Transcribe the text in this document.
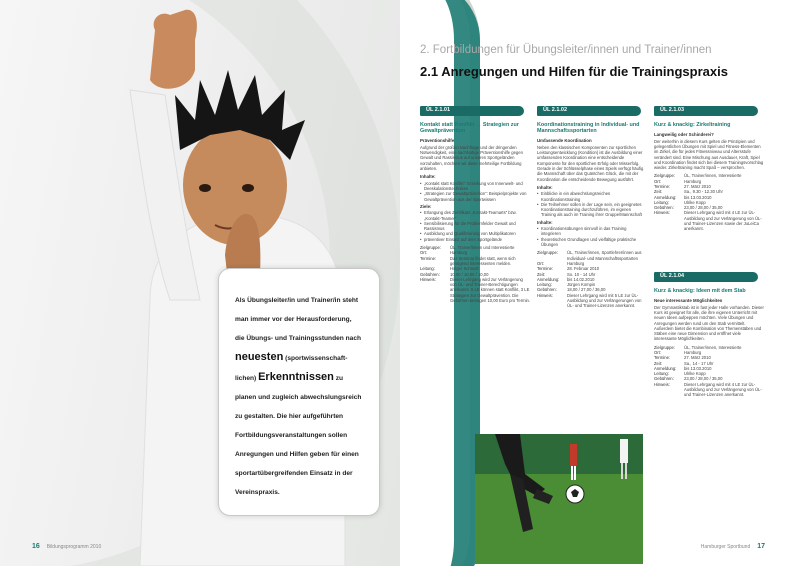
Als Übungsleiter/in und Trainer/in steht
man immer vor der Herausforderung,
die Übungs- und Trainingsstunden nach
neuesten (sportwissenschaft-
lichen) Erkenntnissen zu
planen und zugleich abwechslungsreich
zu gestalten. Die hier aufgeführten
Fortbildungsveranstaltungen sollen
Anregungen und Hilfen geben für einen
sportartübergreifenden Einsatz in der
Vereinspraxis.
16 Bildungsprogramm 2010
2. Fortbildungen für Übungsleiter/innen und Trainer/innen
2.1 Anregungen und Hilfen für die Trainingspraxis
ÜL 2.1.01
Kontakt statt Konflikt → Strategien zur Gewaltprävention
Präventionshilfe
Aufgrund der großen Nachfrage und der dringenden Notwendigkeit, eine nachhaltige Präventionshilfe gegen Gewalt und Rassismus auf unseren Sportgeländen vorzuhalten, möchten wir diese mehrteilige Fortbildung anbieten.
Inhalte:
• „Kontakt statt Konflikt“: Erziehung von Innenwelt- und Deeskalationstechniken
• „Strategien zur Gewaltprävention“: Beispielprojekte von Gewaltprävention aus der Sportwissen
Ziele:
• Erlangung des Zertifikats „Kontakt-Teamarts“ bzw. „Kontakt-Teamer“
• Sensibilisierung für die Problemfelder Gewalt und Rassismus
• Ausbildung und Qualifizierung von Multiplikatoren
• präventiver Einsatz auf dem Sportgelände
Zielgruppe:	ÜL, Trainer/innen und Interessierte
Ort:	Hamburg
Termine:	Das Seminar findet statt, wenn sich genügend Interessenten melden.
Leitung:	Holger Schmidt
Gebühren:	10,00 / 10,00 / 10,00
Hinweis:	Dieser Lehrgang wird zur Verlängerung von ÜL- und Trainer-Berechtigungen anerkannt. 5 LE können statt Konflikt, 3 LE Strategien zur Gewaltprävention. Die Gebühren betragen 10,00 Euro pro Termin.
ÜL 2.1.02
Koordinationstraining in Individual- und Mannschaftssportarten
Umfassende Koordination
Neben den klassischen Komponenten zur sportlichen Leistungsentwicklung (Kondition) ist die Ausbildung einer umfassenden Koordination eine entscheidende Komponente für den sportlichen Erfolg oder Misserfolg. Gerade in der Schlüsselphase eines Spiels verfügt häufig die Mannschaft über das Quäntchen Glück, die mit der Koordination die entscheidende Bewegung ausführt.
Inhalte:
• Einblicke in ein abwechslungsreiches Koordinationstraining
• Die Teilnehmer sollen in der Lage sein, ein geeignetes Koordinationstraining durchzuführen, im eigenen Training als auch im Training ihrer Gruppe/Mannschaft
Inhalte:
• Koordinationsübungen sinnvoll in das Training integrieren
• theoretischen Grundlagen und vielfältige praktische Übungen
Zielgruppe:	ÜL, Trainer/innen, Sportlehrer/innen aus Individual- und Mannschaftssportarten
Ort:	Hamburg
Termine:	28. Februar 2010
Zeit:	So. 10 - 14 Uhr
Anmeldung:	bis 14.02.2010
Leitung:	Jürgen Kompin
Gebühren:	18,00 / 27,00 / 36,00
Hinweis:	Dieser Lehrgang wird mit 5 LE zur ÜL-Ausbildung und zur Verlängerungen von ÜL- und Trainer-Lizenzen anerkannt.
ÜL 2.1.03
Kurz & knackig: Zirkeltraining
Langweilig oder Schinderei?
Der weiterhin in diesem Kurs gelten die Prinzipien und gelegentlichen Übungen mit Spiel und Fitness-Elementen im Zirkel, die für jedes Fitnessniveau und Altersstufe verändert sind. Eine Mischung aus Ausdauer, Kraft, Spiel und Koordination findet sich bei diesem Trainingsvorschlag wieder. Zirkeltraining macht Spaß – versprochen.
Zielgruppe:	ÜL, Trainer/innen, Interessierte
Ort:	Hamburg
Termine:	27. März 2010
Zeit:	Sa., 9.30 - 12.30 Uhr
Anmeldung:	bis 13.03.2010
Leitung:	Ulrike Kopp
Gebühren:	23,00 / 28,00 / 35,00
Hinweis:	Dieser Lehrgang wird mit 4 LE zur ÜL-Ausbildung und zur Verlängerung von ÜL- und Trainer-Lizenzen sowie der JuLeiCa anerkannt.
ÜL 2.1.04
Kurz & knackig: Ideen mit dem Stab
Neue interessante Möglichkeiten
Der Gymnastikstab ist in fast jeder Halle vorhanden. Dieser Kurs ist geeignet für alle, die ihre eigenen Unterricht mit neuen Ideen aufpeppen möchten. Viele Übungen und Anregungen werden rund um den Stab vermittelt. Außerdem bietet die Kombination von Themenstäben und Stäben eine neue Dimension und eröffnet viele interessante Möglichkeiten.
Zielgruppe:	ÜL, Trainer/innen, Interessierte
Ort:	Hamburg
Termine:	27. März 2010
Zeit:	Sa., 14 - 17 Uhr
Anmeldung:	bis 13.03.2010
Leitung:	Ulrike Kopp
Gebühren:	23,00 / 28,00 / 35,00
Hinweis:	Dieser Lehrgang wird mit 4 LE zur ÜL-Ausbildung und zur Verlängerung von ÜL- und Trainer-Lizenzen anerkannt.
Hamburger Sportbund 17
